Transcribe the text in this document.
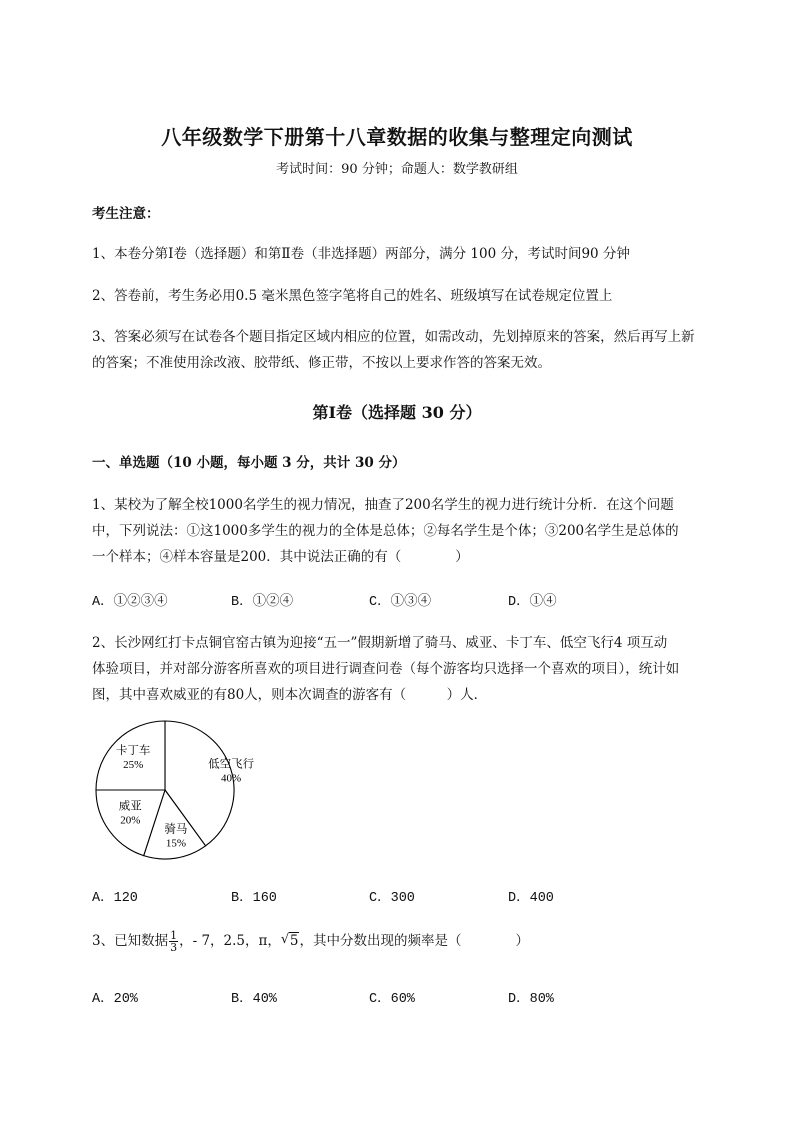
八年级数学下册第十八章数据的收集与整理定向测试
考试时间：90 分钟；命题人：数学教研组
考生注意：
1、本卷分第Ⅰ卷（选择题）和第Ⅱ卷（非选择题）两部分，满分 100 分，考试时间90 分钟
2、答卷前，考生务必用0.5 毫米黑色签字笔将自己的姓名、班级填写在试卷规定位置上
3、答案必须写在试卷各个题目指定区域内相应的位置，如需改动，先划掉原来的答案，然后再写上新
的答案；不准使用涂改液、胶带纸、修正带，不按以上要求作答的答案无效。
第Ⅰ卷（选择题 30 分）
一、单选题（10 小题，每小题 3 分，共计 30 分）
1、某校为了解全校1000名学生的视力情况，抽查了200名学生的视力进行统计分析．在这个问题
中，下列说法：①这1000多学生的视力的全体是总体；②每名学生是个体；③200名学生是总体的
一个样本；④样本容量是200．其中说法正确的有（　　　　）
A．①②③④	B．①②④	C．①③④	D．①④
2、长沙网红打卡点铜官窑古镇为迎接“五一”假期新增了骑马、威亚、卡丁车、低空飞行4 项互动
体验项目，并对部分游客所喜欢的项目进行调查问卷（每个游客均只选择一个喜欢的项目），统计如
图，其中喜欢威亚的有80人，则本次调查的游客有（　　　）人．
低空飞行
40%
骑马
15%
威亚
20%
卡丁车
25%
A．120	B．160	C．300	D．400
3、已知数据 $\frac{1}{3}$ ，- 7，2.5，π， √ 5，其中分数出现的频率是（　　　　）
A．20%	B．40%	C．60%	D．80%
